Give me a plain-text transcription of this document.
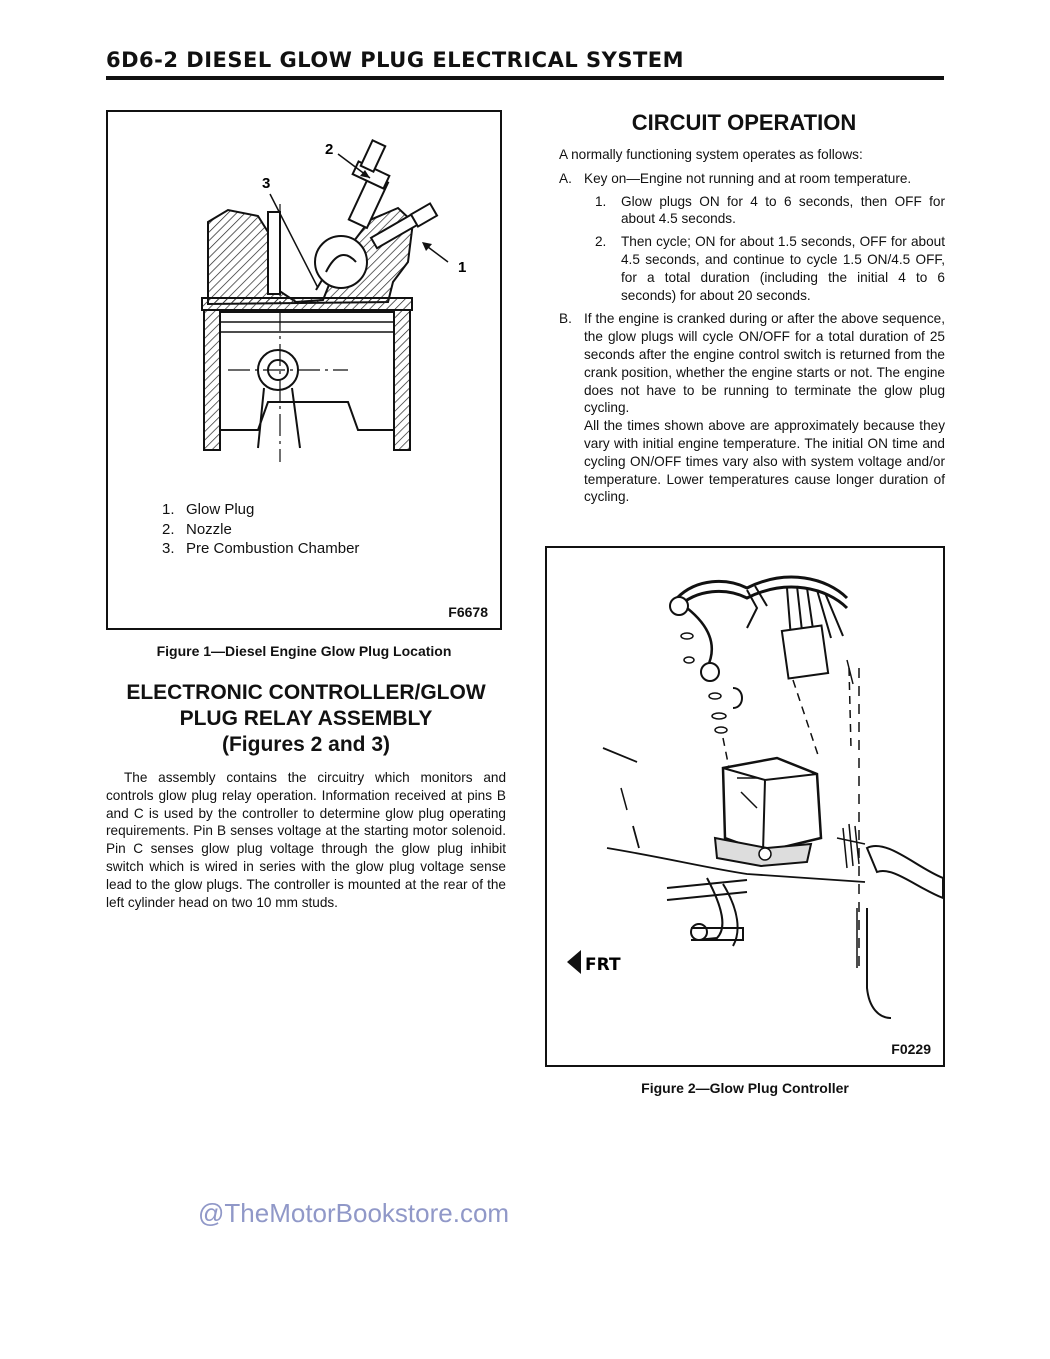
6D6-2 DIESEL GLOW PLUG ELECTRICAL SYSTEM
1
2
3
1. Glow Plug
2. Nozzle
3. Pre Combustion Chamber
F6678
Figure 1—Diesel Engine Glow Plug Location
ELECTRONIC CONTROLLER/GLOW
PLUG RELAY ASSEMBLY
(Figures 2 and 3)

The assembly contains the circuitry which monitors and controls glow plug relay operation. Information received at pins B and C is used by the controller to determine glow plug operating requirements. Pin B senses voltage at the starting motor solenoid. Pin C senses glow plug voltage through the glow plug inhibit switch which is wired in series with the glow plug voltage sense lead to the glow plugs. The controller is mounted at the rear of the left cylinder head on two 10 mm studs.

CIRCUIT OPERATION

A normally functioning system operates as follows:

A. Key on—Engine not running and at room temperature.
1. Glow plugs ON for 4 to 6 seconds, then OFF for about 4.5 seconds.
2. Then cycle; ON for about 1.5 seconds, OFF for about 4.5 seconds, and continue to cycle 1.5 ON/4.5 OFF, for a total duration (including the initial 4 to 6 seconds) for about 20 seconds.
B. If the engine is cranked during or after the above sequence, the glow plugs will cycle ON/OFF for a total duration of 25 seconds after the engine control switch is returned from the crank position, whether the engine starts or not. The engine does not have to be running to terminate the glow plug cycling.

All the times shown above are approximately because they vary with initial engine temperature. The initial ON time and cycling ON/OFF times vary also with system voltage and/or temperature. Lower temperatures cause longer duration of cycling.

FRT
F0229
Figure 2—Glow Plug Controller
@TheMotorBookstore.com
